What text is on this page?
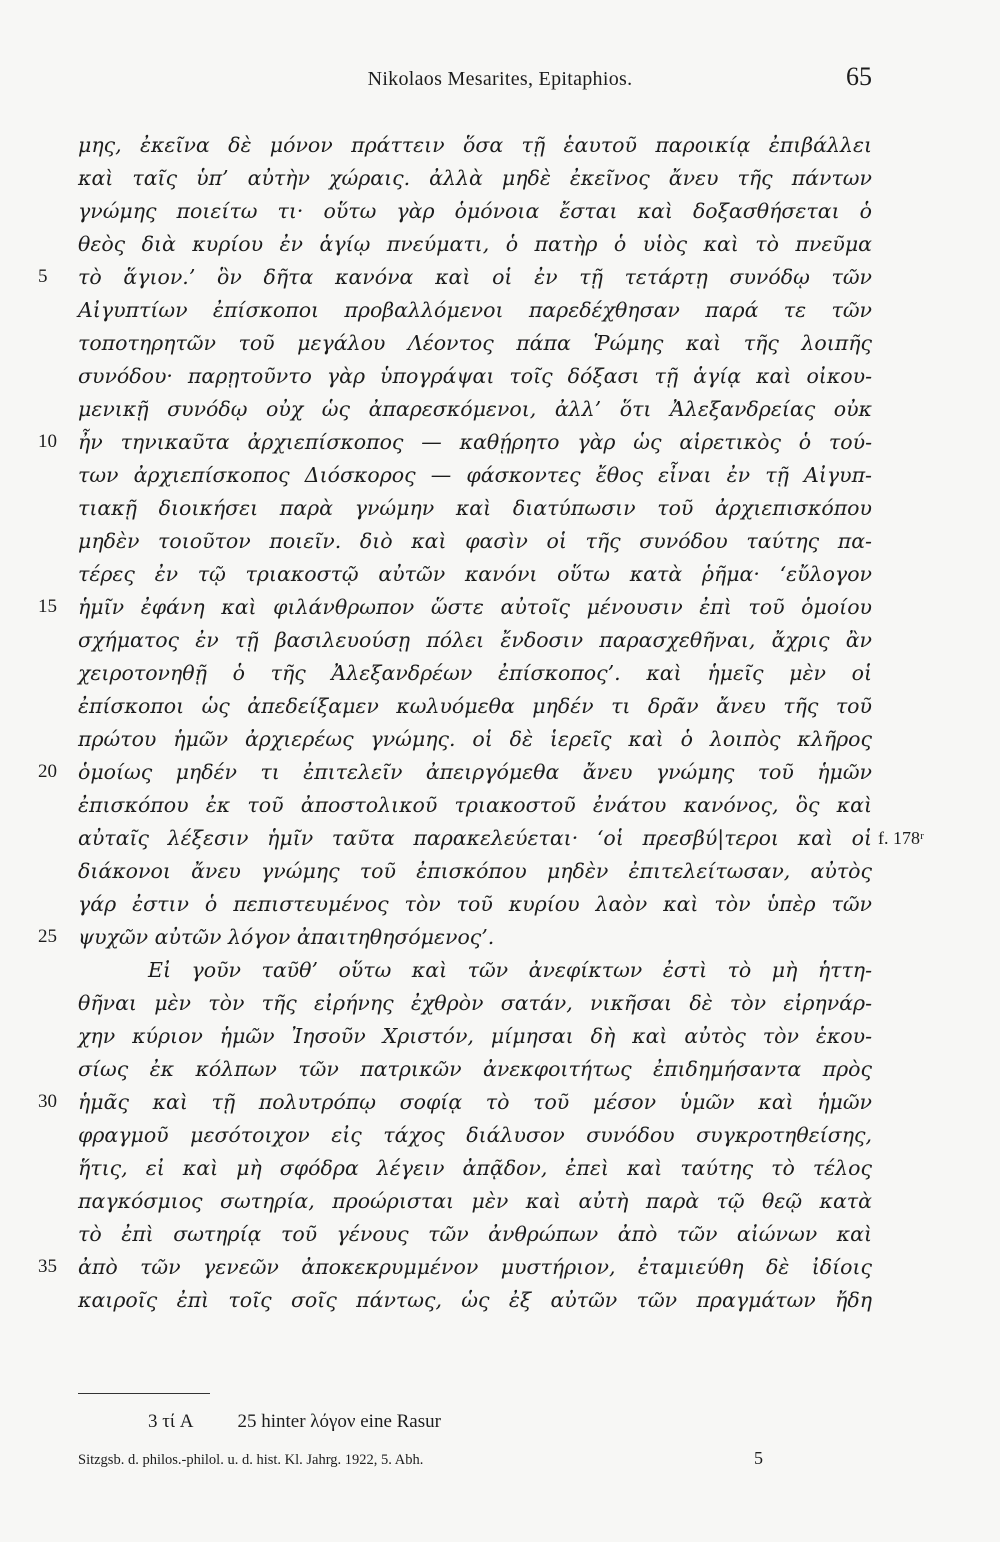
Nikolaos Mesarites, Epitaphios.	65
μης, ἐκεῖνα δὲ μόνον πράττειν ὅσα τῇ ἑαυτοῦ παροικίᾳ ἐπιβάλλει
καὶ ταῖς ὑπ’ αὐτὴν χώραις. ἀλλὰ μηδὲ ἐκεῖνος ἄνευ τῆς πάντων
γνώμης ποιείτω τι· οὕτω γὰρ ὁμόνοια ἔσται καὶ δοξασθήσεται ὁ
θεὸς διὰ κυρίου ἐν ἁγίῳ πνεύματι, ὁ πατὴρ ὁ υἱὸς καὶ τὸ πνεῦμα
5	τὸ ἅγιον.’ ὃν δῆτα κανόνα καὶ οἱ ἐν τῇ τετάρτῃ συνόδῳ τῶν
Αἰγυπτίων ἐπίσκοποι προβαλλόμενοι παρεδέχθησαν παρά τε τῶν
τοποτηρητῶν τοῦ μεγάλου Λέοντος πάπα Ῥώμης καὶ τῆς λοιπῆς
συνόδου· παρῃτοῦντο γὰρ ὑπογράψαι τοῖς δόξασι τῇ ἁγίᾳ καὶ οἰκου-
μενικῇ συνόδῳ οὐχ ὡς ἀπαρεσκόμενοι, ἀλλ’ ὅτι Ἀλεξανδρείας οὐκ
10	ἦν τηνικαῦτα ἀρχιεπίσκοπος — καθῄρητο γὰρ ὡς αἱρετικὸς ὁ τού-
των ἀρχιεπίσκοπος Διόσκορος — φάσκοντες ἔθος εἶναι ἐν τῇ Αἰγυπ-
τιακῇ διοικήσει παρὰ γνώμην καὶ διατύπωσιν τοῦ ἀρχιεπισκόπου
μηδὲν τοιοῦτον ποιεῖν. διὸ καὶ φασὶν οἱ τῆς συνόδου ταύτης πα-
τέρες ἐν τῷ τριακοστῷ αὐτῶν κανόνι οὕτω κατὰ ῥῆμα· ‘εὔλογον
15	ἡμῖν ἐφάνη καὶ φιλάνθρωπον ὥστε αὐτοῖς μένουσιν ἐπὶ τοῦ ὁμοίου
σχήματος ἐν τῇ βασιλευούσῃ πόλει ἔνδοσιν παρασχεθῆναι, ἄχρις ἂν
χειροτονηθῇ ὁ τῆς Ἀλεξανδρέων ἐπίσκοπος’. καὶ ἡμεῖς μὲν οἱ
ἐπίσκοποι ὡς ἀπεδείξαμεν κωλυόμεθα μηδέν τι δρᾶν ἄνευ τῆς τοῦ
πρώτου ἡμῶν ἀρχιερέως γνώμης. οἱ δὲ ἱερεῖς καὶ ὁ λοιπὸς κλῆρος
20	ὁμοίως μηδέν τι ἐπιτελεῖν ἀπειργόμεθα ἄνευ γνώμης τοῦ ἡμῶν
ἐπισκόπου ἐκ τοῦ ἀποστολικοῦ τριακοστοῦ ἐνάτου κανόνος, ὃς καὶ
αὐταῖς λέξεσιν ἡμῖν ταῦτα παρακελεύεται· ‘οἱ πρεσβύ|τεροι καὶ οἱ f. 178ʳ
διάκονοι ἄνευ γνώμης τοῦ ἐπισκόπου μηδὲν ἐπιτελείτωσαν, αὐτὸς
γάρ ἐστιν ὁ πεπιστευμένος τὸν τοῦ κυρίου λαὸν καὶ τὸν ὑπὲρ τῶν
25	ψυχῶν αὐτῶν λόγον ἀπαιτηθησόμενος’.
Εἰ γοῦν ταῦθ’ οὕτω καὶ τῶν ἀνεφίκτων ἐστὶ τὸ μὴ ἡττη-
θῆναι μὲν τὸν τῆς εἰρήνης ἐχθρὸν σατάν, νικῆσαι δὲ τὸν εἰρηνάρ-
χην κύριον ἡμῶν Ἰησοῦν Χριστόν, μίμησαι δὴ καὶ αὐτὸς τὸν ἑκου-
σίως ἐκ κόλπων τῶν πατρικῶν ἀνεκφοιτήτως ἐπιδημήσαντα πρὸς
30	ἡμᾶς καὶ τῇ πολυτρόπῳ σοφίᾳ τὸ τοῦ μέσον ὑμῶν καὶ ἡμῶν
φραγμοῦ μεσότοιχον εἰς τάχος διάλυσον συνόδου συγκροτηθείσης,
ἥτις, εἰ καὶ μὴ σφόδρα λέγειν ἀπᾷδον, ἐπεὶ καὶ ταύτης τὸ τέλος
παγκόσμιος σωτηρία, προώρισται μὲν καὶ αὐτὴ παρὰ τῷ θεῷ κατὰ
τὸ ἐπὶ σωτηρίᾳ τοῦ γένους τῶν ἀνθρώπων ἀπὸ τῶν αἰώνων καὶ
35	ἀπὸ τῶν γενεῶν ἀποκεκρυμμένον μυστήριον, ἐταμιεύθη δὲ ἰδίοις
καιροῖς ἐπὶ τοῖς σοῖς πάντως, ὡς ἐξ αὐτῶν τῶν πραγμάτων ἤδη
3 τί A 25 hinter λόγον eine Rasur
Sitzgsb. d. philos.-philol. u. d. hist. Kl. Jahrg. 1922, 5. Abh.	5
